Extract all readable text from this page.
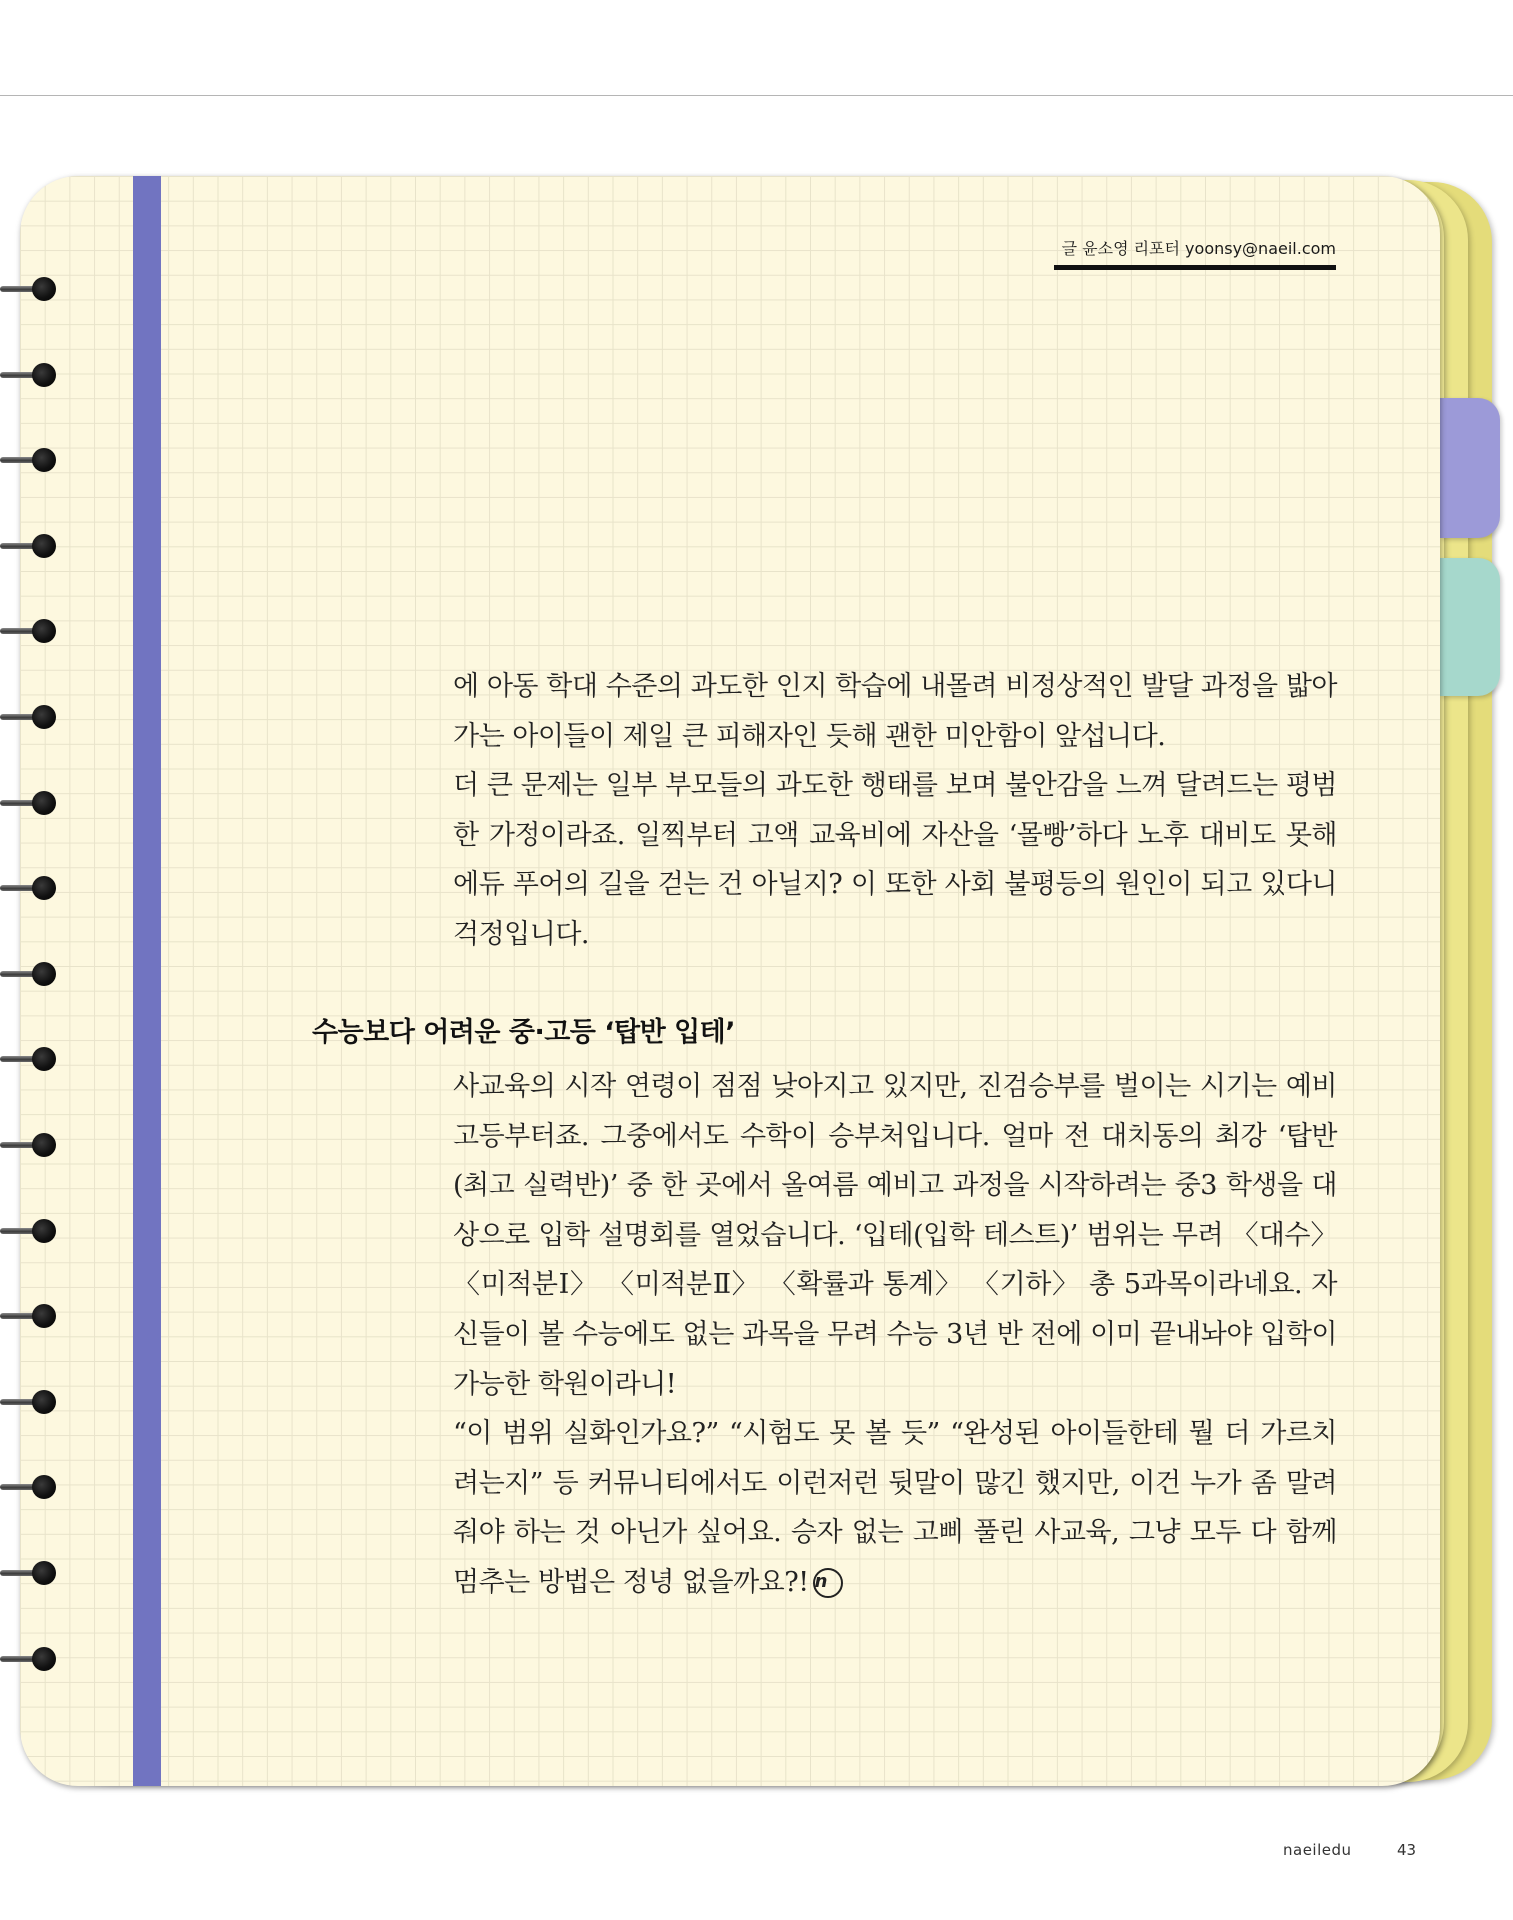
글 윤소영 리포터 yoonsy@naeil.com

에 아동 학대 수준의 과도한 인지 학습에 내몰려 비정상적인 발달 과정을 밟아가는 아이들이 제일 큰 피해자인 듯해 괜한 미안함이 앞섭니다.

더 큰 문제는 일부 부모들의 과도한 행태를 보며 불안감을 느껴 달려드는 평범한 가정이라죠. 일찍부터 고액 교육비에 자산을 ‘몰빵’하다 노후 대비도 못해 에듀 푸어의 길을 걷는 건 아닐지? 이 또한 사회 불평등의 원인이 되고 있다니 걱정입니다.

수능보다 어려운 중·고등 ‘탑반 입테’

사교육의 시작 연령이 점점 낮아지고 있지만, 진검승부를 벌이는 시기는 예비고등부터죠. 그중에서도 수학이 승부처입니다. 얼마 전 대치동의 최강 ‘탑반(최고 실력반)’ 중 한 곳에서 올여름 예비고 과정을 시작하려는 중3 학생을 대상으로 입학 설명회를 열었습니다. ‘입테(입학 테스트)’ 범위는 무려 〈대수〉 〈미적분Ⅰ〉 〈미적분Ⅱ〉 〈확률과 통계〉 〈기하〉 총 5과목이라네요. 자신들이 볼 수능에도 없는 과목을 무려 수능 3년 반 전에 이미 끝내놔야 입학이 가능한 학원이라니!

“이 범위 실화인가요?” “시험도 못 볼 듯” “완성된 아이들한테 뭘 더 가르치려는지” 등 커뮤니티에서도 이런저런 뒷말이 많긴 했지만, 이건 누가 좀 말려줘야 하는 것 아닌가 싶어요. 승자 없는 고삐 풀린 사교육, 그냥 모두 다 함께 멈추는 방법은 정녕 없을까요?! n

naeiledu	43
